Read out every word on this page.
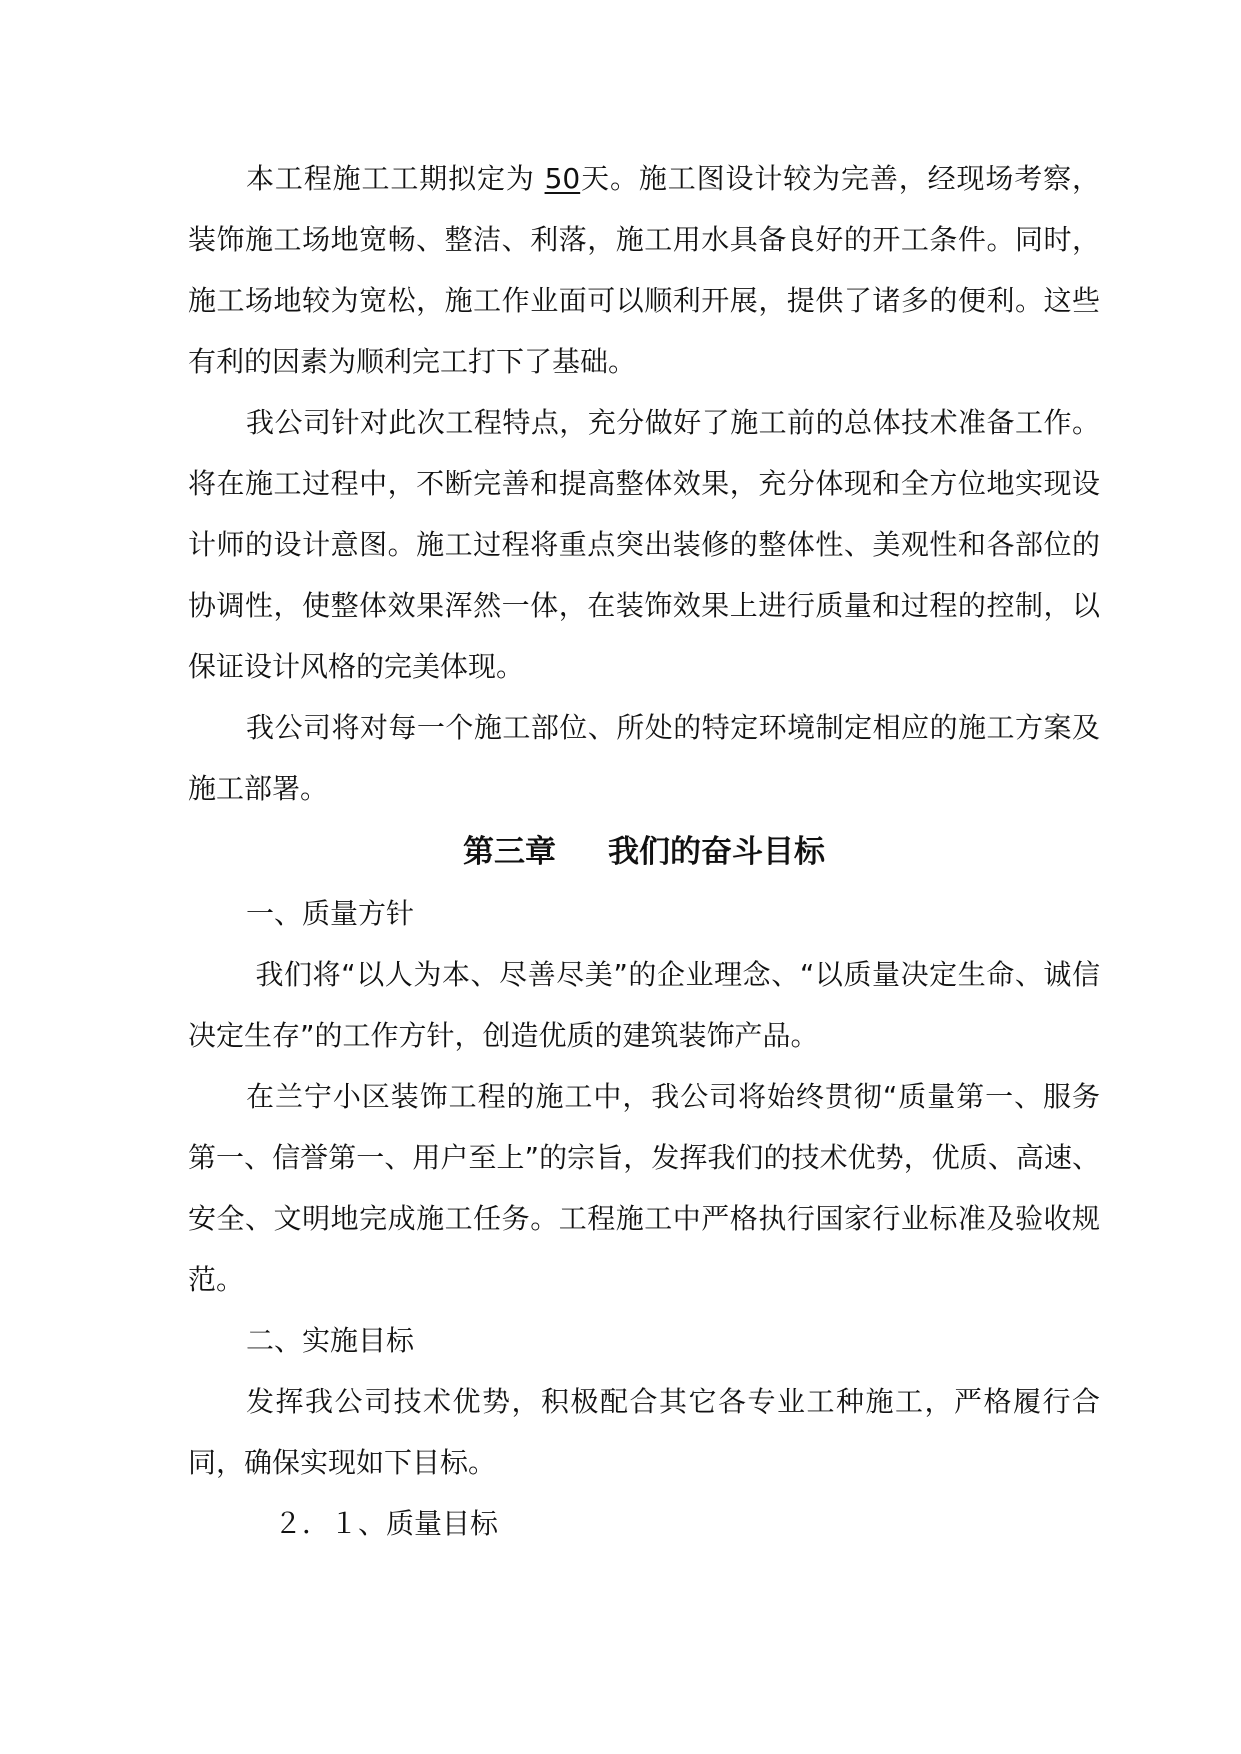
本工程施工工期拟定为 50天。施工图设计较为完善，经现场考察，装饰施工场地宽畅、整洁、利落，施工用水具备良好的开工条件。同时，施工场地较为宽松，施工作业面可以顺利开展，提供了诸多的便利。这些有利的因素为顺利完工打下了基础。

我公司针对此次工程特点，充分做好了施工前的总体技术准备工作。将在施工过程中，不断完善和提高整体效果，充分体现和全方位地实现设计师的设计意图。施工过程将重点突出装修的整体性、美观性和各部位的协调性，使整体效果浑然一体，在装饰效果上进行质量和过程的控制，以保证设计风格的完美体现。

我公司将对每一个施工部位、所处的特定环境制定相应的施工方案及施工部署。

第三章 我们的奋斗目标

一、质量方针

我们将“以人为本、尽善尽美”的企业理念、“以质量决定生命、诚信决定生存”的工作方针，创造优质的建筑装饰产品。

在兰宁小区装饰工程的施工中，我公司将始终贯彻“质量第一、服务第一、信誉第一、用户至上”的宗旨，发挥我们的技术优势，优质、高速、安全、文明地完成施工任务。工程施工中严格执行国家行业标准及验收规范。

二、实施目标

发挥我公司技术优势，积极配合其它各专业工种施工，严格履行合同，确保实现如下目标。

２．１、质量目标
